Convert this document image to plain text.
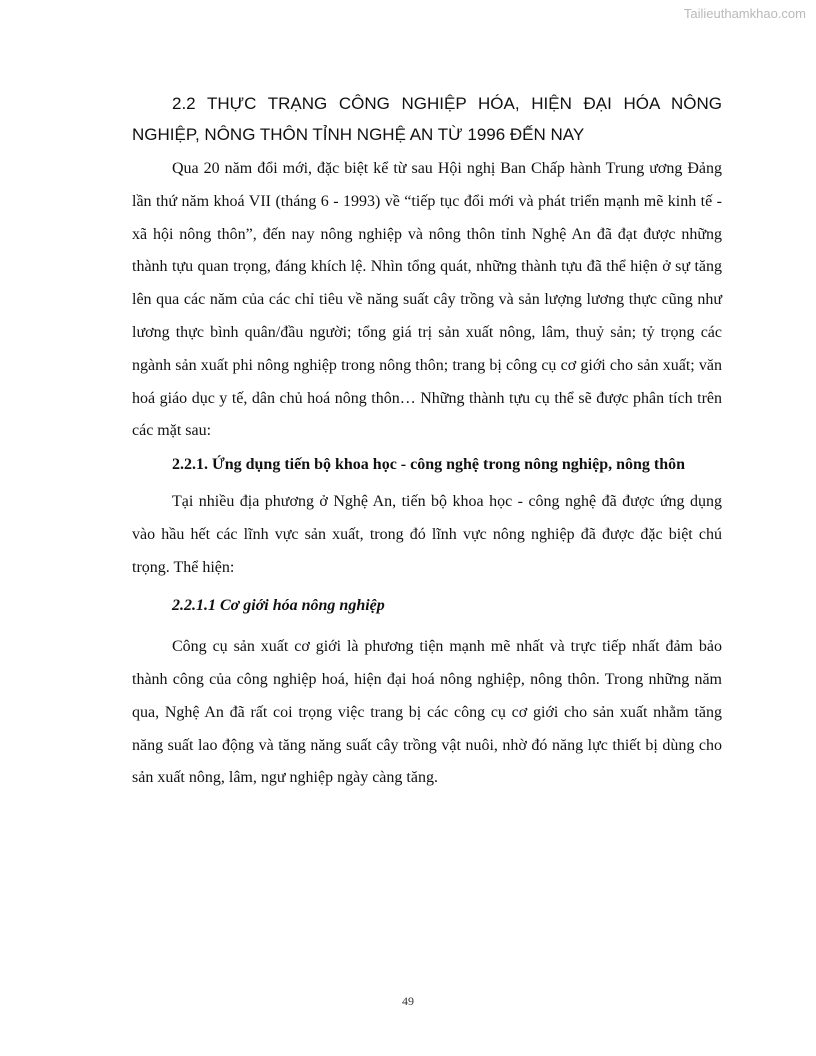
Tailieuthamkhao.com

2.2 THỰC TRẠNG CÔNG NGHIỆP HÓA, HIỆN ĐẠI HÓA NÔNG NGHIỆP, NÔNG THÔN TỈNH NGHỆ AN TỪ 1996 ĐẾN NAY

Qua 20 năm đổi mới, đặc biệt kể từ sau Hội nghị Ban Chấp hành Trung ương Đảng lần thứ năm khoá VII (tháng 6 - 1993) về “tiếp tục đổi mới và phát triển mạnh mẽ kinh tế - xã hội nông thôn”, đến nay nông nghiệp và nông thôn tỉnh Nghệ An đã đạt được những thành tựu quan trọng, đáng khích lệ. Nhìn tổng quát, những thành tựu đã thể hiện ở sự tăng lên qua các năm của các chỉ tiêu về năng suất cây trồng và sản lượng lương thực cũng như lương thực bình quân/đầu người; tổng giá trị sản xuất nông, lâm, thuỷ sản; tỷ trọng các ngành sản xuất phi nông nghiệp trong nông thôn; trang bị công cụ cơ giới cho sản xuất; văn hoá giáo dục y tế, dân chủ hoá nông thôn… Những thành tựu cụ thể sẽ được phân tích trên các mặt sau:

2.2.1. Ứng dụng tiến bộ khoa học - công nghệ trong nông nghiệp, nông thôn

Tại nhiều địa phương ở Nghệ An, tiến bộ khoa học - công nghệ đã được ứng dụng vào hầu hết các lĩnh vực sản xuất, trong đó lĩnh vực nông nghiệp đã được đặc biệt chú trọng. Thể hiện:

2.2.1.1 Cơ giới hóa nông nghiệp

Công cụ sản xuất cơ giới là phương tiện mạnh mẽ nhất và trực tiếp nhất đảm bảo thành công của công nghiệp hoá, hiện đại hoá nông nghiệp, nông thôn. Trong những năm qua, Nghệ An đã rất coi trọng việc trang bị các công cụ cơ giới cho sản xuất nhằm tăng năng suất lao động và tăng năng suất cây trồng vật nuôi, nhờ đó năng lực thiết bị dùng cho sản xuất nông, lâm, ngư nghiệp ngày càng tăng.

49
